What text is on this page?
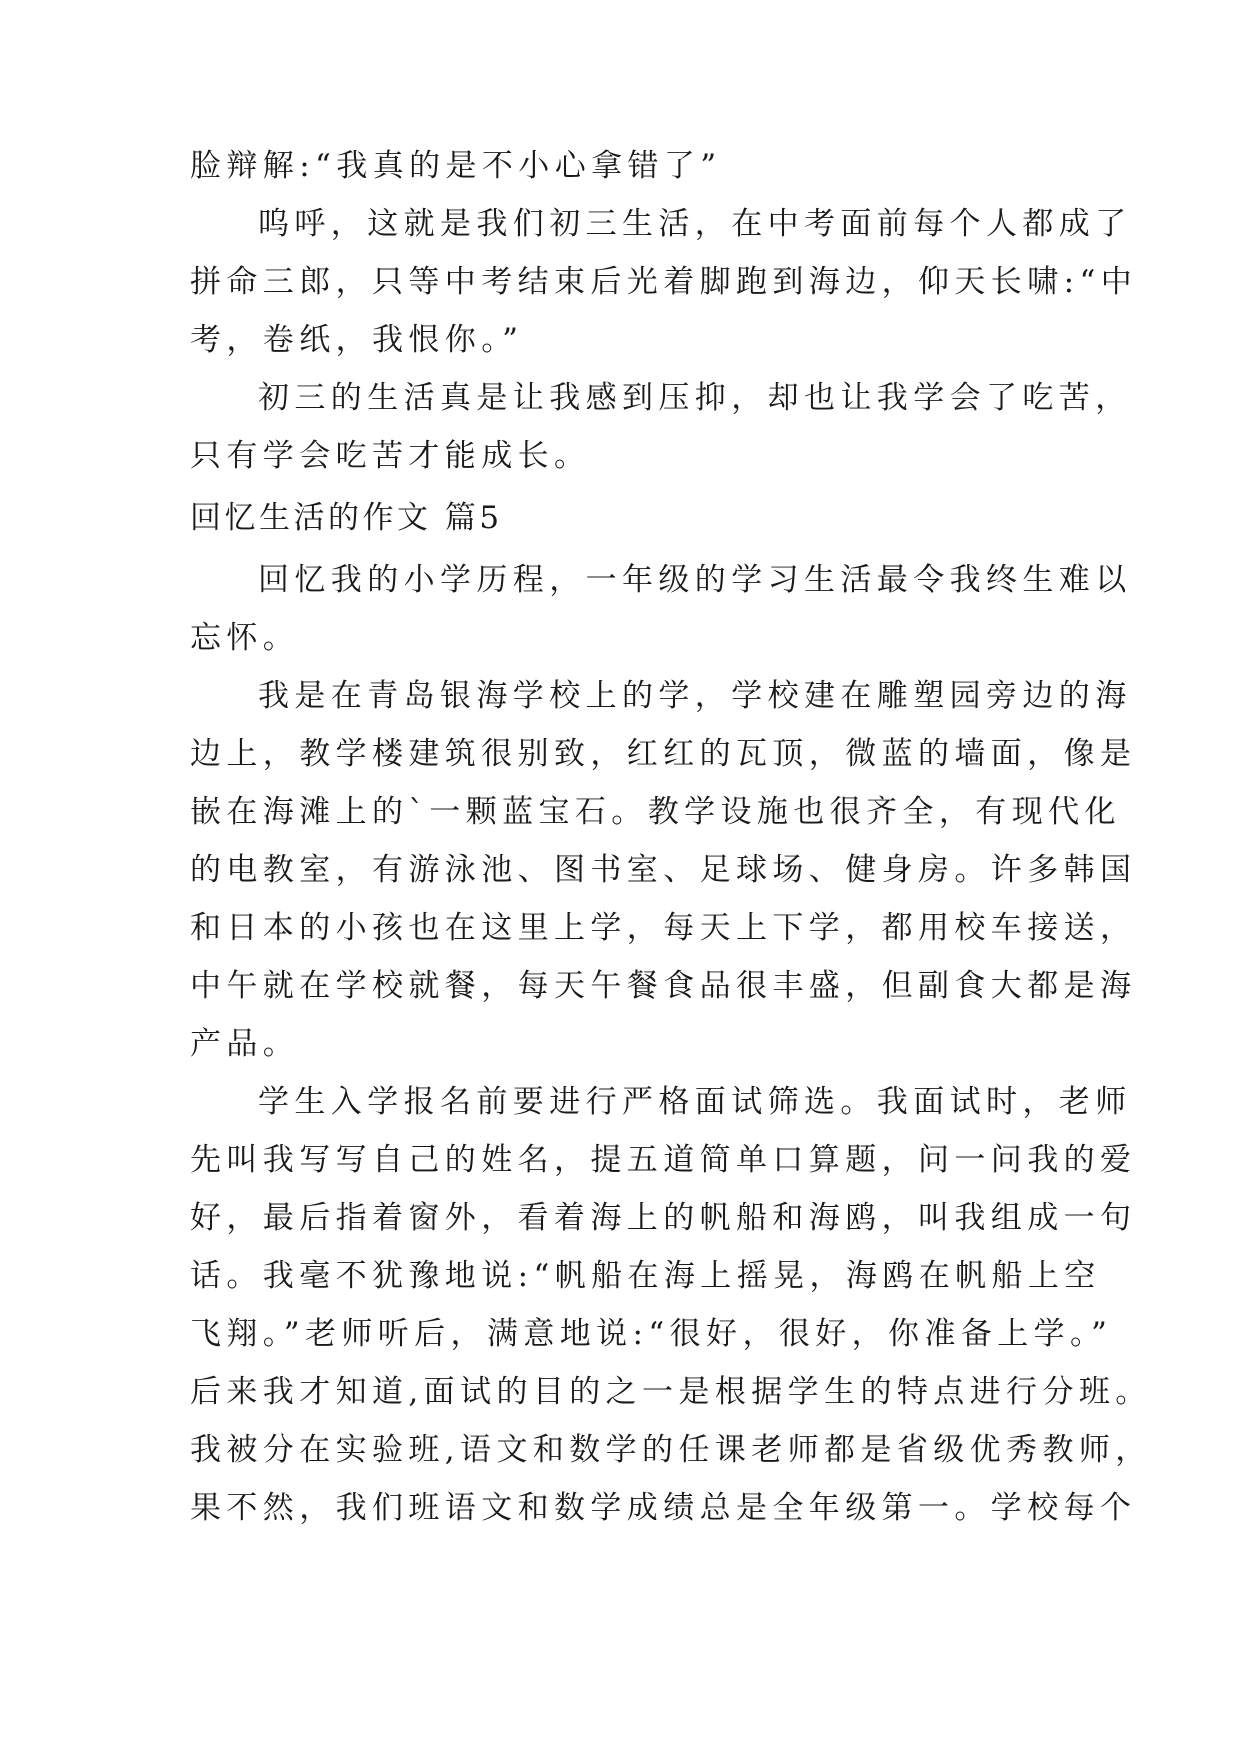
脸辩解:“我真的是不小心拿错了”
呜呼，这就是我们初三生活，在中考面前每个人都成了
拼命三郎，只等中考结束后光着脚跑到海边，仰天长啸:“中
考，卷纸，我恨你。”
初三的生活真是让我感到压抑，却也让我学会了吃苦，
只有学会吃苦才能成长。
回忆生活的作文 篇5
回忆我的小学历程，一年级的学习生活最令我终生难以
忘怀。
我是在青岛银海学校上的学，学校建在雕塑园旁边的海
边上，教学楼建筑很别致，红红的瓦顶，微蓝的墙面，像是
嵌在海滩上的`一颗蓝宝石。教学设施也很齐全，有现代化
的电教室，有游泳池、图书室、足球场、健身房。许多韩国
和日本的小孩也在这里上学，每天上下学，都用校车接送，
中午就在学校就餐，每天午餐食品很丰盛，但副食大都是海
产品。
学生入学报名前要进行严格面试筛选。我面试时，老师
先叫我写写自己的姓名，提五道简单口算题，问一问我的爱
好，最后指着窗外，看着海上的帆船和海鸥，叫我组成一句
话。我毫不犹豫地说:“帆船在海上摇晃，海鸥在帆船上空
飞翔。”老师听后，满意地说:“很好，很好，你准备上学。”
后来我才知道,面试的目的之一是根据学生的特点进行分班。
我被分在实验班,语文和数学的任课老师都是省级优秀教师，
果不然，我们班语文和数学成绩总是全年级第一。学校每个
